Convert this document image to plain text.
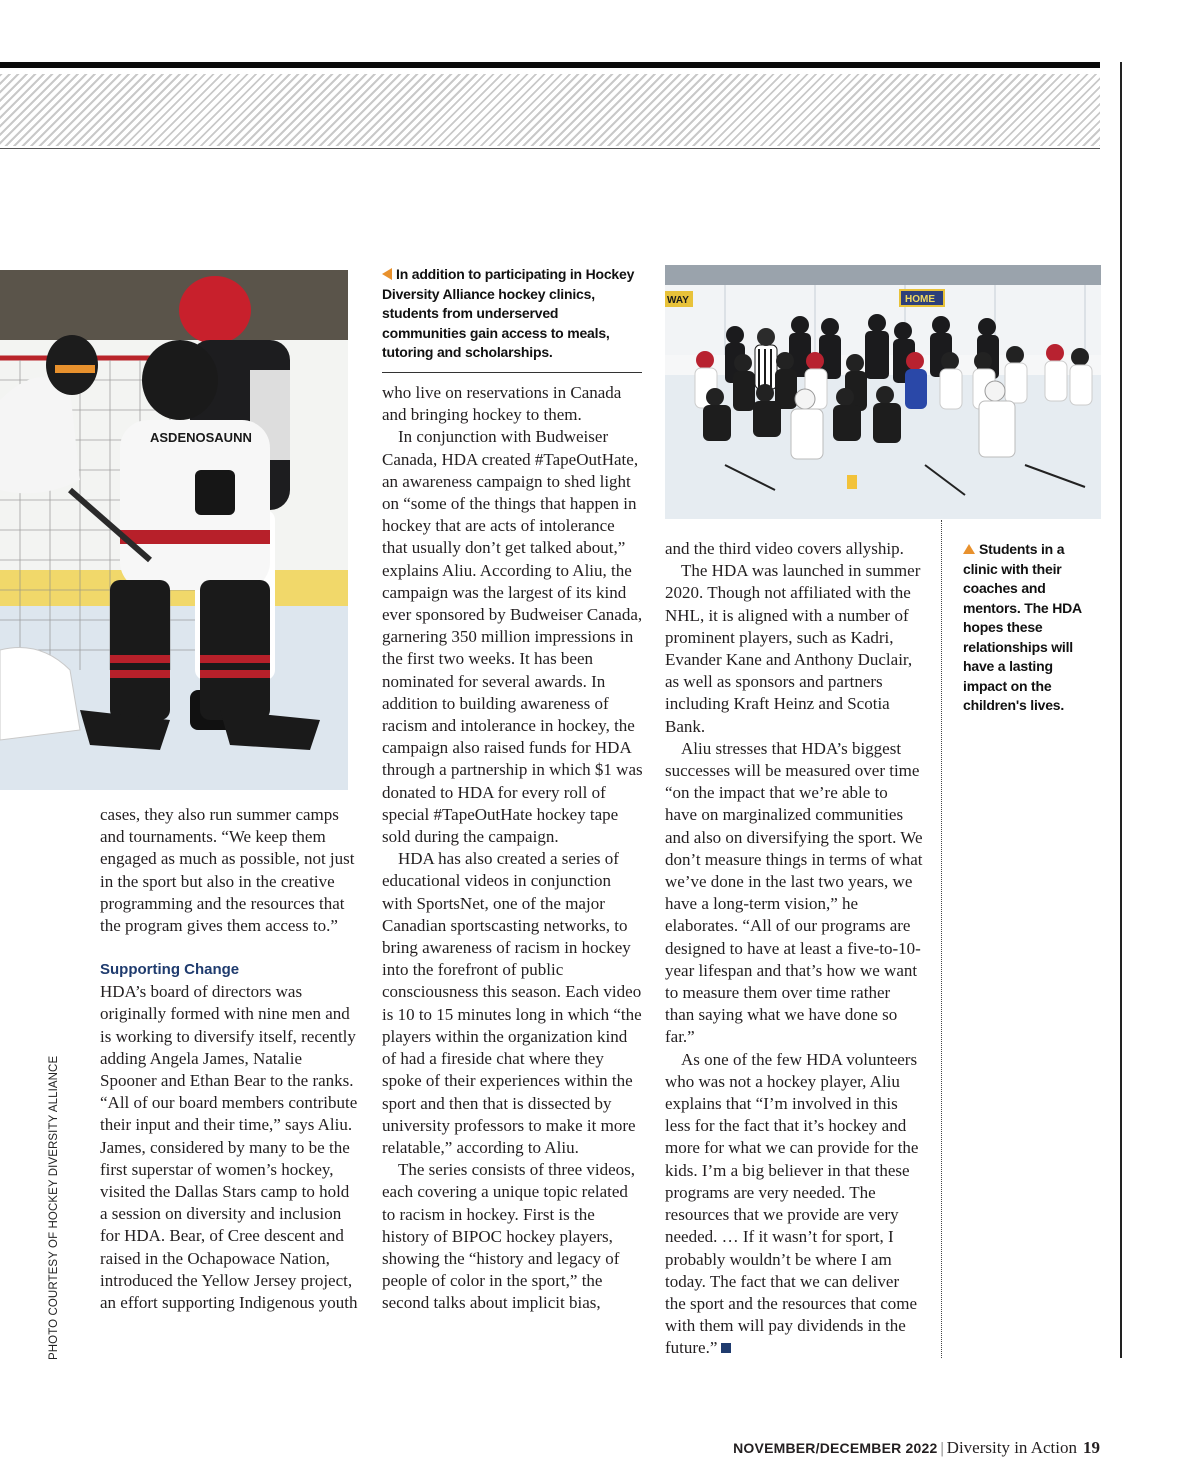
ASDENOSAUNN
In addition to participating in Hockey Diversity Alliance hockey clinics, students from underserved communities gain access to meals, tutoring and scholarships.
WAY	HOME
Students in a clinic with their coaches and mentors. The HDA hopes these relationships will have a lasting impact on the children's lives.
PHOTO COURTESY OF HOCKEY DIVERSITY ALLIANCE

cases, they also run summer camps and tournaments. “We keep them engaged as much as possible, not just in the sport but also in the creative programming and the resources that the program gives them access to.”

Supporting Change

HDA’s board of directors was originally formed with nine men and is working to diversify itself, recently adding Angela James, Natalie Spooner and Ethan Bear to the ranks. “All of our board members contribute their input and their time,” says Aliu. James, considered by many to be the first superstar of women’s hockey, visited the Dallas Stars camp to hold a session on diversity and inclusion for HDA. Bear, of Cree descent and raised in the Ochapowace Nation, introduced the Yellow Jersey project, an effort supporting Indigenous youth

who live on reservations in Canada and bringing hockey to them.

In conjunction with Budweiser Canada, HDA created #TapeOutHate, an awareness campaign to shed light on “some of the things that happen in hockey that are acts of intolerance that usually don’t get talked about,” explains Aliu. According to Aliu, the campaign was the largest of its kind ever sponsored by Budweiser Canada, garnering 350 million impressions in the first two weeks. It has been nominated for several awards. In addition to building awareness of racism and intolerance in hockey, the campaign also raised funds for HDA through a partnership in which $1 was donated to HDA for every roll of special #TapeOutHate hockey tape sold during the campaign.

HDA has also created a series of educational videos in conjunction with SportsNet, one of the major Canadian sportscasting networks, to bring awareness of racism in hockey into the forefront of public consciousness this season. Each video is 10 to 15 minutes long in which “the players within the organization kind of had a fireside chat where they spoke of their experiences within the sport and then that is dissected by university professors to make it more relatable,” according to Aliu.

The series consists of three videos, each covering a unique topic related to racism in hockey. First is the history of BIPOC hockey players, showing the “history and legacy of people of color in the sport,” the second talks about implicit bias,

and the third video covers allyship.

The HDA was launched in summer 2020. Though not affiliated with the NHL, it is aligned with a number of prominent players, such as Kadri, Evander Kane and Anthony Duclair, as well as sponsors and partners including Kraft Heinz and Scotia Bank.

Aliu stresses that HDA’s biggest successes will be measured over time “on the impact that we’re able to have on marginalized communities and also on diversifying the sport. We don’t measure things in terms of what we’ve done in the last two years, we have a long-term vision,” he elaborates. “All of our programs are designed to have at least a five-to-10-year lifespan and that’s how we want to measure them over time rather than saying what we have done so far.”

As one of the few HDA volunteers who was not a hockey player, Aliu explains that “I’m involved in this less for the fact that it’s hockey and more for what we can provide for the kids. I’m a big believer in that these programs are very needed. The resources that we provide are very needed. … If it wasn’t for sport, I probably wouldn’t be where I am today. The fact that we can deliver the sport and the resources that come with them will pay dividends in the future.”

NOVEMBER/DECEMBER 2022 | Diversity in Action 19
